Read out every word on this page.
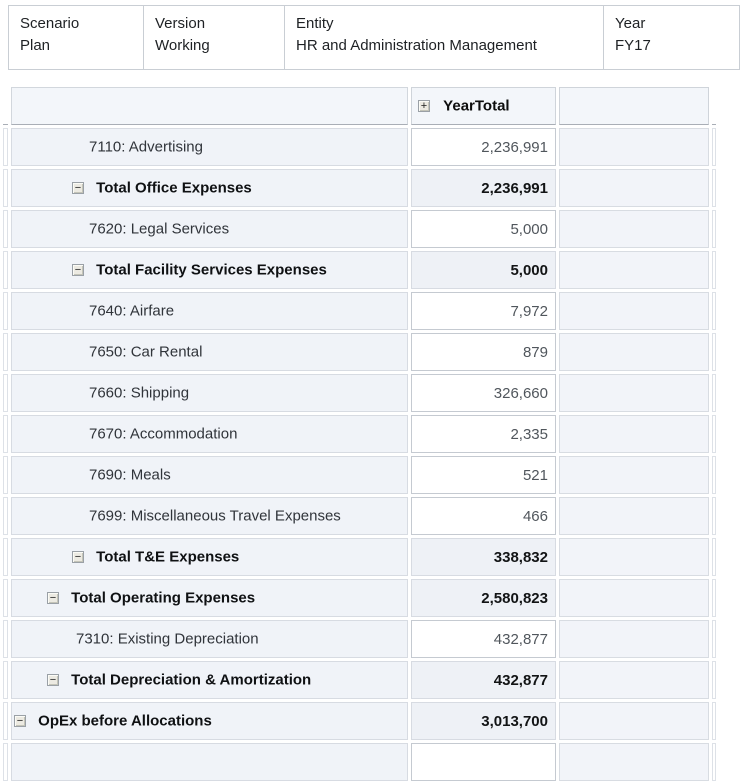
Scenario
Plan

Version
Working

Entity
HR and Administration Management

Year
FY17

		+ YearTotal		
	7110: Advertising	2,236,991		
	− Total Office Expenses	2,236,991		
	7620: Legal Services	5,000		
	− Total Facility Services Expenses	5,000		
	7640: Airfare	7,972		
	7650: Car Rental	879		
	7660: Shipping	326,660		
	7670: Accommodation	2,335		
	7690: Meals	521		
	7699: Miscellaneous Travel Expenses	466		
	− Total T&E Expenses	338,832		
	− Total Operating Expenses	2,580,823		
	7310: Existing Depreciation	432,877		
	− Total Depreciation & Amortization	432,877		
	− OpEx before Allocations	3,013,700		
